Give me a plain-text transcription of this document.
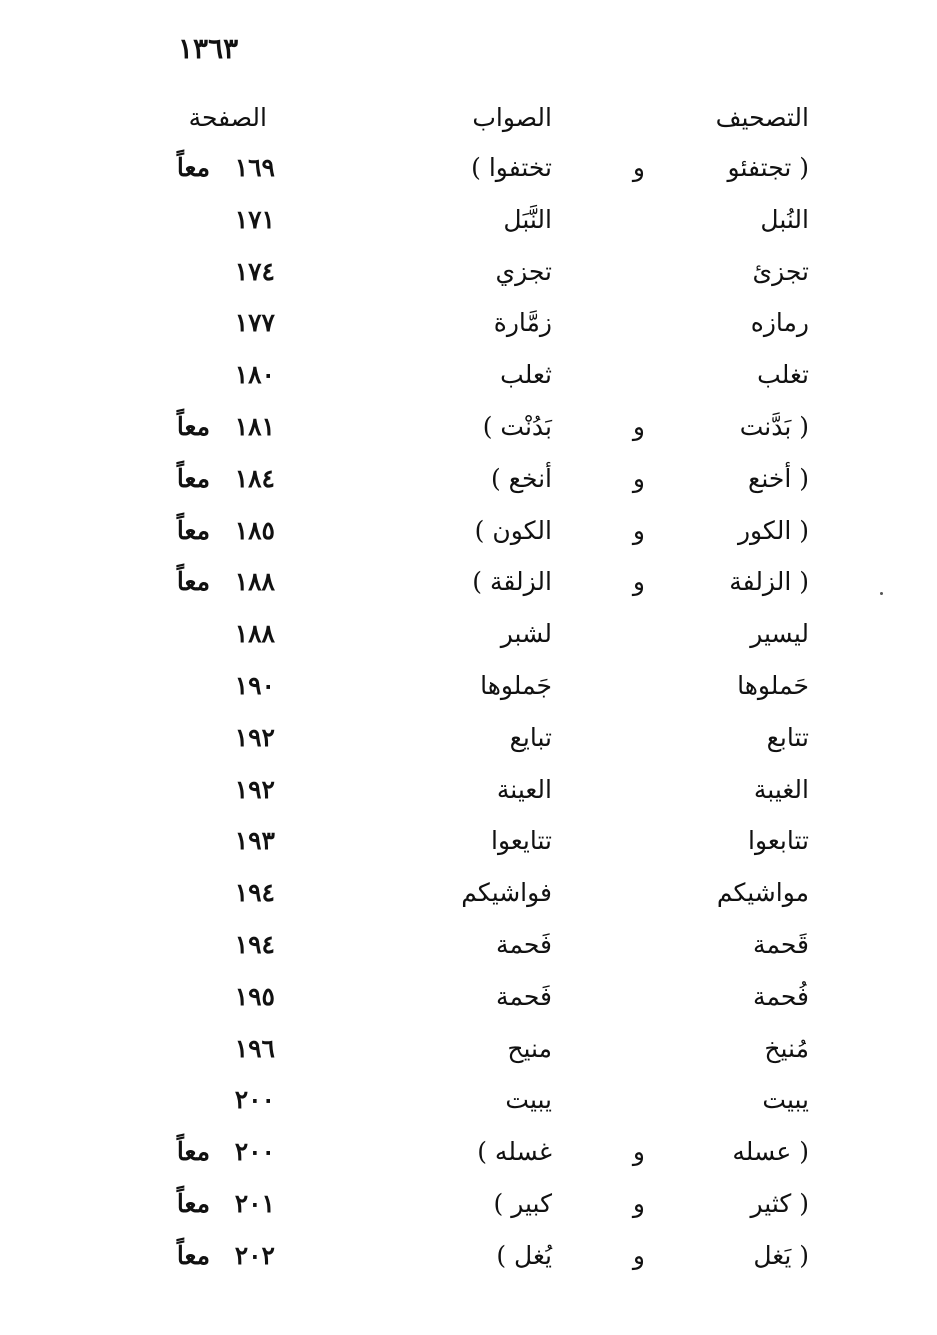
١٣٦٣
التصحيف
الصواب
الصفحة
( تجتفئو
و
تختفوا )
١٦٩
معاً
النُبل
النَّبَل
١٧١
تجزئ
تجزي
١٧٤
رمازه
زمَّارة
١٧٧
تغلب
ثعلب
١٨٠
( بَدَّنت
و
بَدُنْت )
١٨١
معاً
( أخنع
و
أنخع )
١٨٤
معاً
( الكور
و
الكون )
١٨٥
معاً
( الزلفة
و
الزلقة )
١٨٨
معاً
ليسير
لشبر
١٨٨
حَملوها
جَملوها
١٩٠
تتابع
تبايع
١٩٢
الغيبة
العينة
١٩٢
تتابعوا
تتايعوا
١٩٣
مواشيكم
فواشيكم
١٩٤
قَحمة
فَحمة
١٩٤
فُحمة
فَحمة
١٩٥
مُنيخ
منيح
١٩٦
يبيت
يبيت
٢٠٠
( عسله
و
غسله )
٢٠٠
معاً
( كثير
و
كبير )
٢٠١
معاً
( يَغل
و
يُغل )
٢٠٢
معاً
